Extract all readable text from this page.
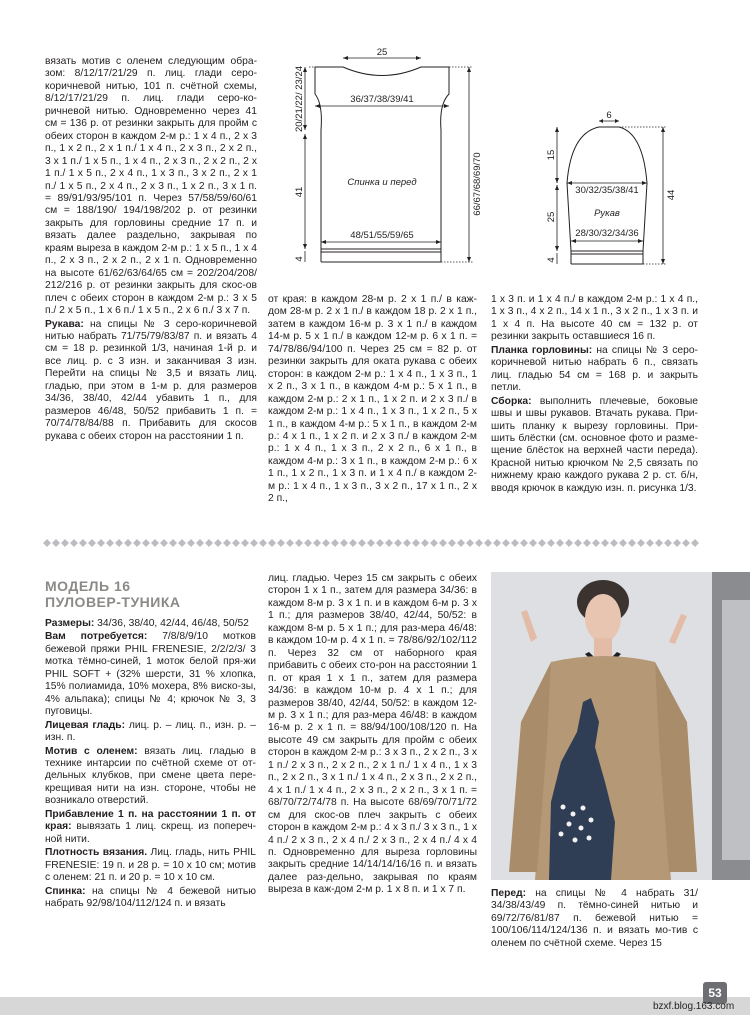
вязать мотив с оленем следующим обра-зом: 8/12/17/21/29 п. лиц. глади серо-коричневой нитью, 101 п. счётной схемы, 8/12/17/21/29 п. лиц. глади серо-ко-ричневой нитью. Одновременно через 41 см = 136 р. от резинки закрыть для пройм с обеих сторон в каждом 2-м р.: 1 х 4 п., 2 х 3 п., 1 х 2 п., 2 х 1 п./ 1 х 4 п., 2 х 3 п., 2 х 2 п., 3 х 1 п./ 1 х 5 п., 1 х 4 п., 2 х 3 п., 2 х 2 п., 2 х 1 п./ 1 х 5 п., 2 х 4 п., 1 х 3 п., 3 х 2 п., 2 х 1 п./ 1 х 5 п., 2 х 4 п., 2 х 3 п., 1 х 2 п., 3 х 1 п. = 89/91/93/95/101 п. Через 57/58/59/60/61 см = 188/190/ 194/198/202 р. от резинки закрыть для горловины средние 17 п. и вязать далее раздельно, закрывая по краям выреза в каждом 2-м р.: 1 х 5 п., 1 х 4 п., 2 х 3 п., 2 х 2 п., 2 х 1 п. Одновременно на высоте 61/62/63/64/65 см = 202/204/208/ 212/216 р. от резинки закрыть для скос-ов плеч с обеих сторон в каждом 2-м р.: 3 х 5 п./ 2 х 5 п., 1 х 6 п./ 1 х 5 п., 2 х 6 п./ 3 х 7 п.

Рукава: на спицы № 3 серо-коричневой нитью набрать 71/75/79/83/87 п. и вязать 4 см = 18 р. резинкой 1/3, начиная 1-й р. и все лиц. р. с 3 изн. и заканчивая 3 изн. Перейти на спицы № 3,5 и вязать лиц. гладью, при этом в 1-м р. для размеров 34/36, 38/40, 42/44 убавить 1 п., для размеров 46/48, 50/52 прибавить 1 п. = 70/74/78/84/88 п. Прибавить для скосов рукава с обеих сторон на расстоянии 1 п.

от края: в каждом 28-м р. 2 х 1 п./ в каж-дом 28-м р. 2 х 1 п./ в каждом 18 р. 2 х 1 п., затем в каждом 16-м р. 3 х 1 п./ в каждом 14-м р. 5 х 1 п./ в каждом 12-м р. 6 х 1 п. = 74/78/86/94/100 п. Через 25 см = 82 р. от резинки закрыть для оката рукава с обеих сторон: в каждом 2-м р.: 1 х 4 п., 1 х 3 п., 1 х 2 п., 3 х 1 п., в каждом 4-м р.: 5 х 1 п., в каждом 2-м р.: 2 х 1 п., 1 х 2 п. и 2 х 3 п./ в каждом 2-м р.: 1 х 4 п., 1 х 3 п., 1 х 2 п., 5 х 1 п., в каждом 4-м р.: 5 х 1 п., в каждом 2-м р.: 4 х 1 п., 1 х 2 п. и 2 х 3 п./ в каждом 2-м р.: 1 х 4 п., 1 х 3 п., 2 х 2 п., 6 х 1 п., в каждом 4-м р.: 3 х 1 п., в каждом 2-м р.: 6 х 1 п., 1 х 2 п., 1 х 3 п. и 1 х 4 п./ в каждом 2-м р.: 1 х 4 п., 1 х 3 п., 3 х 2 п., 17 х 1 п., 2 х 2 п.,

1 х 3 п. и 1 х 4 п./ в каждом 2-м р.: 1 х 4 п., 1 х 3 п., 4 х 2 п., 14 х 1 п., 3 х 2 п., 1 х 3 п. и 1 х 4 п. На высоте 40 см = 132 р. от резинки закрыть оставшиеся 16 п.

Планка горловины: на спицы № 3 серо-коричневой нитью набрать 6 п., связать лиц. гладью 54 см = 168 р. и закрыть петли.

Сборка: выполнить плечевые, боковые швы и швы рукавов. Втачать рукава. При-шить планку к вырезу горловины. При-шить блёстки (см. основное фото и разме-щение блёсток на верхней части переда). Красной нитью крючком № 2,5 связать по нижнему краю каждого рукава 2 р. ст. б/н, вводя крючок в каждую изн. п. рисунка 1/3.

25
36/37/38/39/41
Спинка и перед
48/51/55/59/65
20/21/22/ 23/24
41
4
66/67/68/69/70
6
30/32/35/38/41
Рукав
28/30/32/34/36
15
25
4
44
МОДЕЛЬ 16
ПУЛОВЕР-ТУНИКА

Размеры: 34/36, 38/40, 42/44, 46/48, 50/52

Вам потребуется: 7/8/8/9/10 мотков бежевой пряжи PHIL FRENESIE, 2/2/2/3/ 3 мотка тёмно-синей, 1 моток белой пря-жи PHIL SOFT + (32% шерсти, 31 % хлопка, 15% полиамида, 10% мохера, 8% виско-зы, 4% альпака); спицы № 4; крючок № 3, 3 пуговицы.

Лицевая гладь: лиц. р. – лиц. п., изн. р. – изн. п.

Мотив с оленем: вязать лиц. гладью в технике интарсии по счётной схеме от от-дельных клубков, при смене цвета пере-крещивая нити на изн. стороне, чтобы не возникало отверстий.

Прибавление 1 п. на расстоянии 1 п. от края: вывязать 1 лиц. скрещ. из попереч-ной нити.

Плотность вязания. Лиц. гладь, нить PHIL FRENESIE: 19 п. и 28 р. = 10 х 10 см; мотив с оленем: 21 п. и 20 р. = 10 х 10 см.

Спинка: на спицы № 4 бежевой нитью набрать 92/98/104/112/124 п. и вязать

лиц. гладью. Через 15 см закрыть с обеих сторон 1 х 1 п., затем для размера 34/36: в каждом 8-м р. 3 х 1 п. и в каждом 6-м р. 3 х 1 п.; для размеров 38/40, 42/44, 50/52: в каждом 8-м р. 5 х 1 п.; для раз-мера 46/48: в каждом 10-м р. 4 х 1 п. = 78/86/92/102/112 п. Через 32 см от наборного края прибавить с обеих сто-рон на расстоянии 1 п. от края 1 х 1 п., затем для размера 34/36: в каждом 10-м р. 4 х 1 п.; для размеров 38/40, 42/44, 50/52: в каждом 12-м р. 3 х 1 п.; для раз-мера 46/48: в каждом 16-м р. 2 х 1 п. = 88/94/100/108/120 п. На высоте 49 см закрыть для пройм с обеих сторон в каждом 2-м р.: 3 х 3 п., 2 х 2 п., 3 х 1 п./ 2 х 3 п., 2 х 2 п., 2 х 1 п./ 1 х 4 п., 1 х 3 п., 2 х 2 п., 3 х 1 п./ 1 х 4 п., 2 х 3 п., 2 х 2 п., 4 х 1 п./ 1 х 4 п., 2 х 3 п., 2 х 2 п., 3 х 1 п. = 68/70/72/74/78 п. На высоте 68/69/70/71/72 см для скос-ов плеч закрыть с обеих сторон в каждом 2-м р.: 4 х 3 п./ 3 х 3 п., 1 х 4 п./ 2 х 3 п., 2 х 4 п./ 2 х 3 п., 2 х 4 п./ 4 х 4 п. Одновременно для выреза горловины закрыть средние 14/14/14/16/16 п. и вязать далее раз-дельно, закрывая по краям выреза в каж-дом 2-м р. 1 х 8 п. и 1 х 7 п.	Перед: на спицы № 4 набрать 31/ 34/38/43/49 п. тёмно-синей нитью и 69/72/76/81/87 п. бежевой нитью = 100/106/114/124/136 п. и вязать мо-тив с оленем по счётной схеме. Через 15

53
bzxf.blog.163.com
